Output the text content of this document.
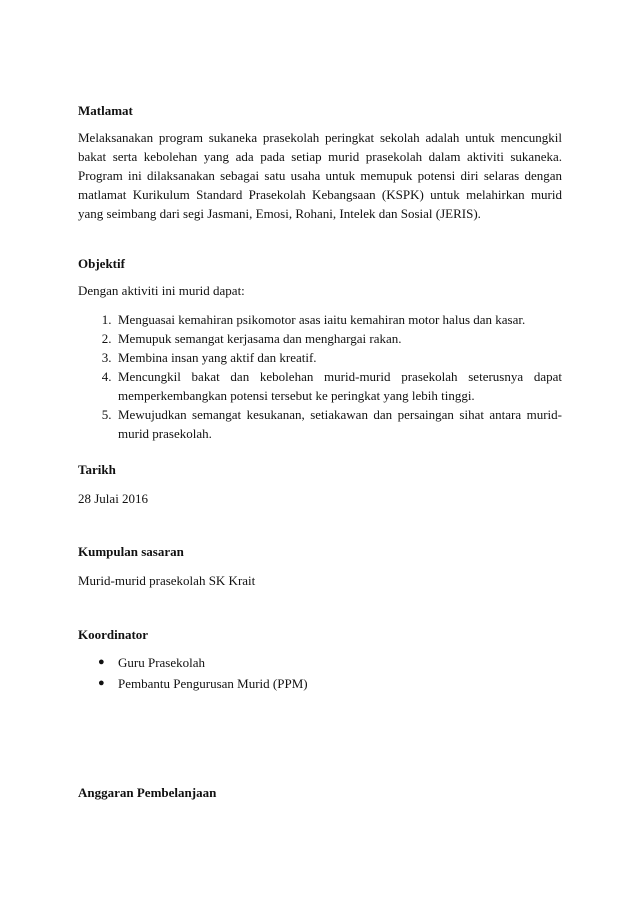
Matlamat
Melaksanakan program sukaneka prasekolah peringkat sekolah adalah untuk mencungkil bakat serta kebolehan yang ada pada setiap murid prasekolah dalam aktiviti sukaneka. Program ini dilaksanakan sebagai satu usaha untuk memupuk potensi diri selaras dengan matlamat Kurikulum Standard Prasekolah Kebangsaan (KSPK) untuk melahirkan murid yang seimbang dari segi Jasmani, Emosi, Rohani, Intelek dan Sosial (JERIS).
Objektif
Dengan aktiviti ini murid dapat:
1. Menguasai kemahiran psikomotor asas iaitu kemahiran motor halus dan kasar.
2. Memupuk semangat kerjasama dan menghargai rakan.
3. Membina insan yang aktif dan kreatif.
4. Mencungkil bakat dan kebolehan murid-murid prasekolah seterusnya dapat memperkembangkan potensi tersebut ke peringkat yang lebih tinggi.
5. Mewujudkan semangat kesukanan, setiakawan dan persaingan sihat antara murid-murid prasekolah.
Tarikh
28 Julai 2016
Kumpulan sasaran
Murid-murid prasekolah SK Krait
Koordinator
● Guru Prasekolah
● Pembantu Pengurusan Murid (PPM)
Anggaran Pembelanjaan
